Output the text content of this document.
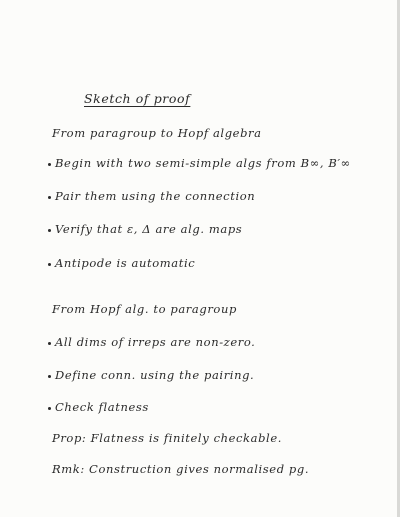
Sketch of proof
From paragroup to Hopf algebra
Begin with two semi-simple algs from B∞, B′∞
Pair them using the connection
Verify that ε, Δ are alg. maps
Antipode is automatic
From Hopf alg. to paragroup
All dims of irreps are non-zero.
Define conn. using the pairing.
Check flatness
Prop: Flatness is finitely checkable.
Rmk: Construction gives normalised pg.
